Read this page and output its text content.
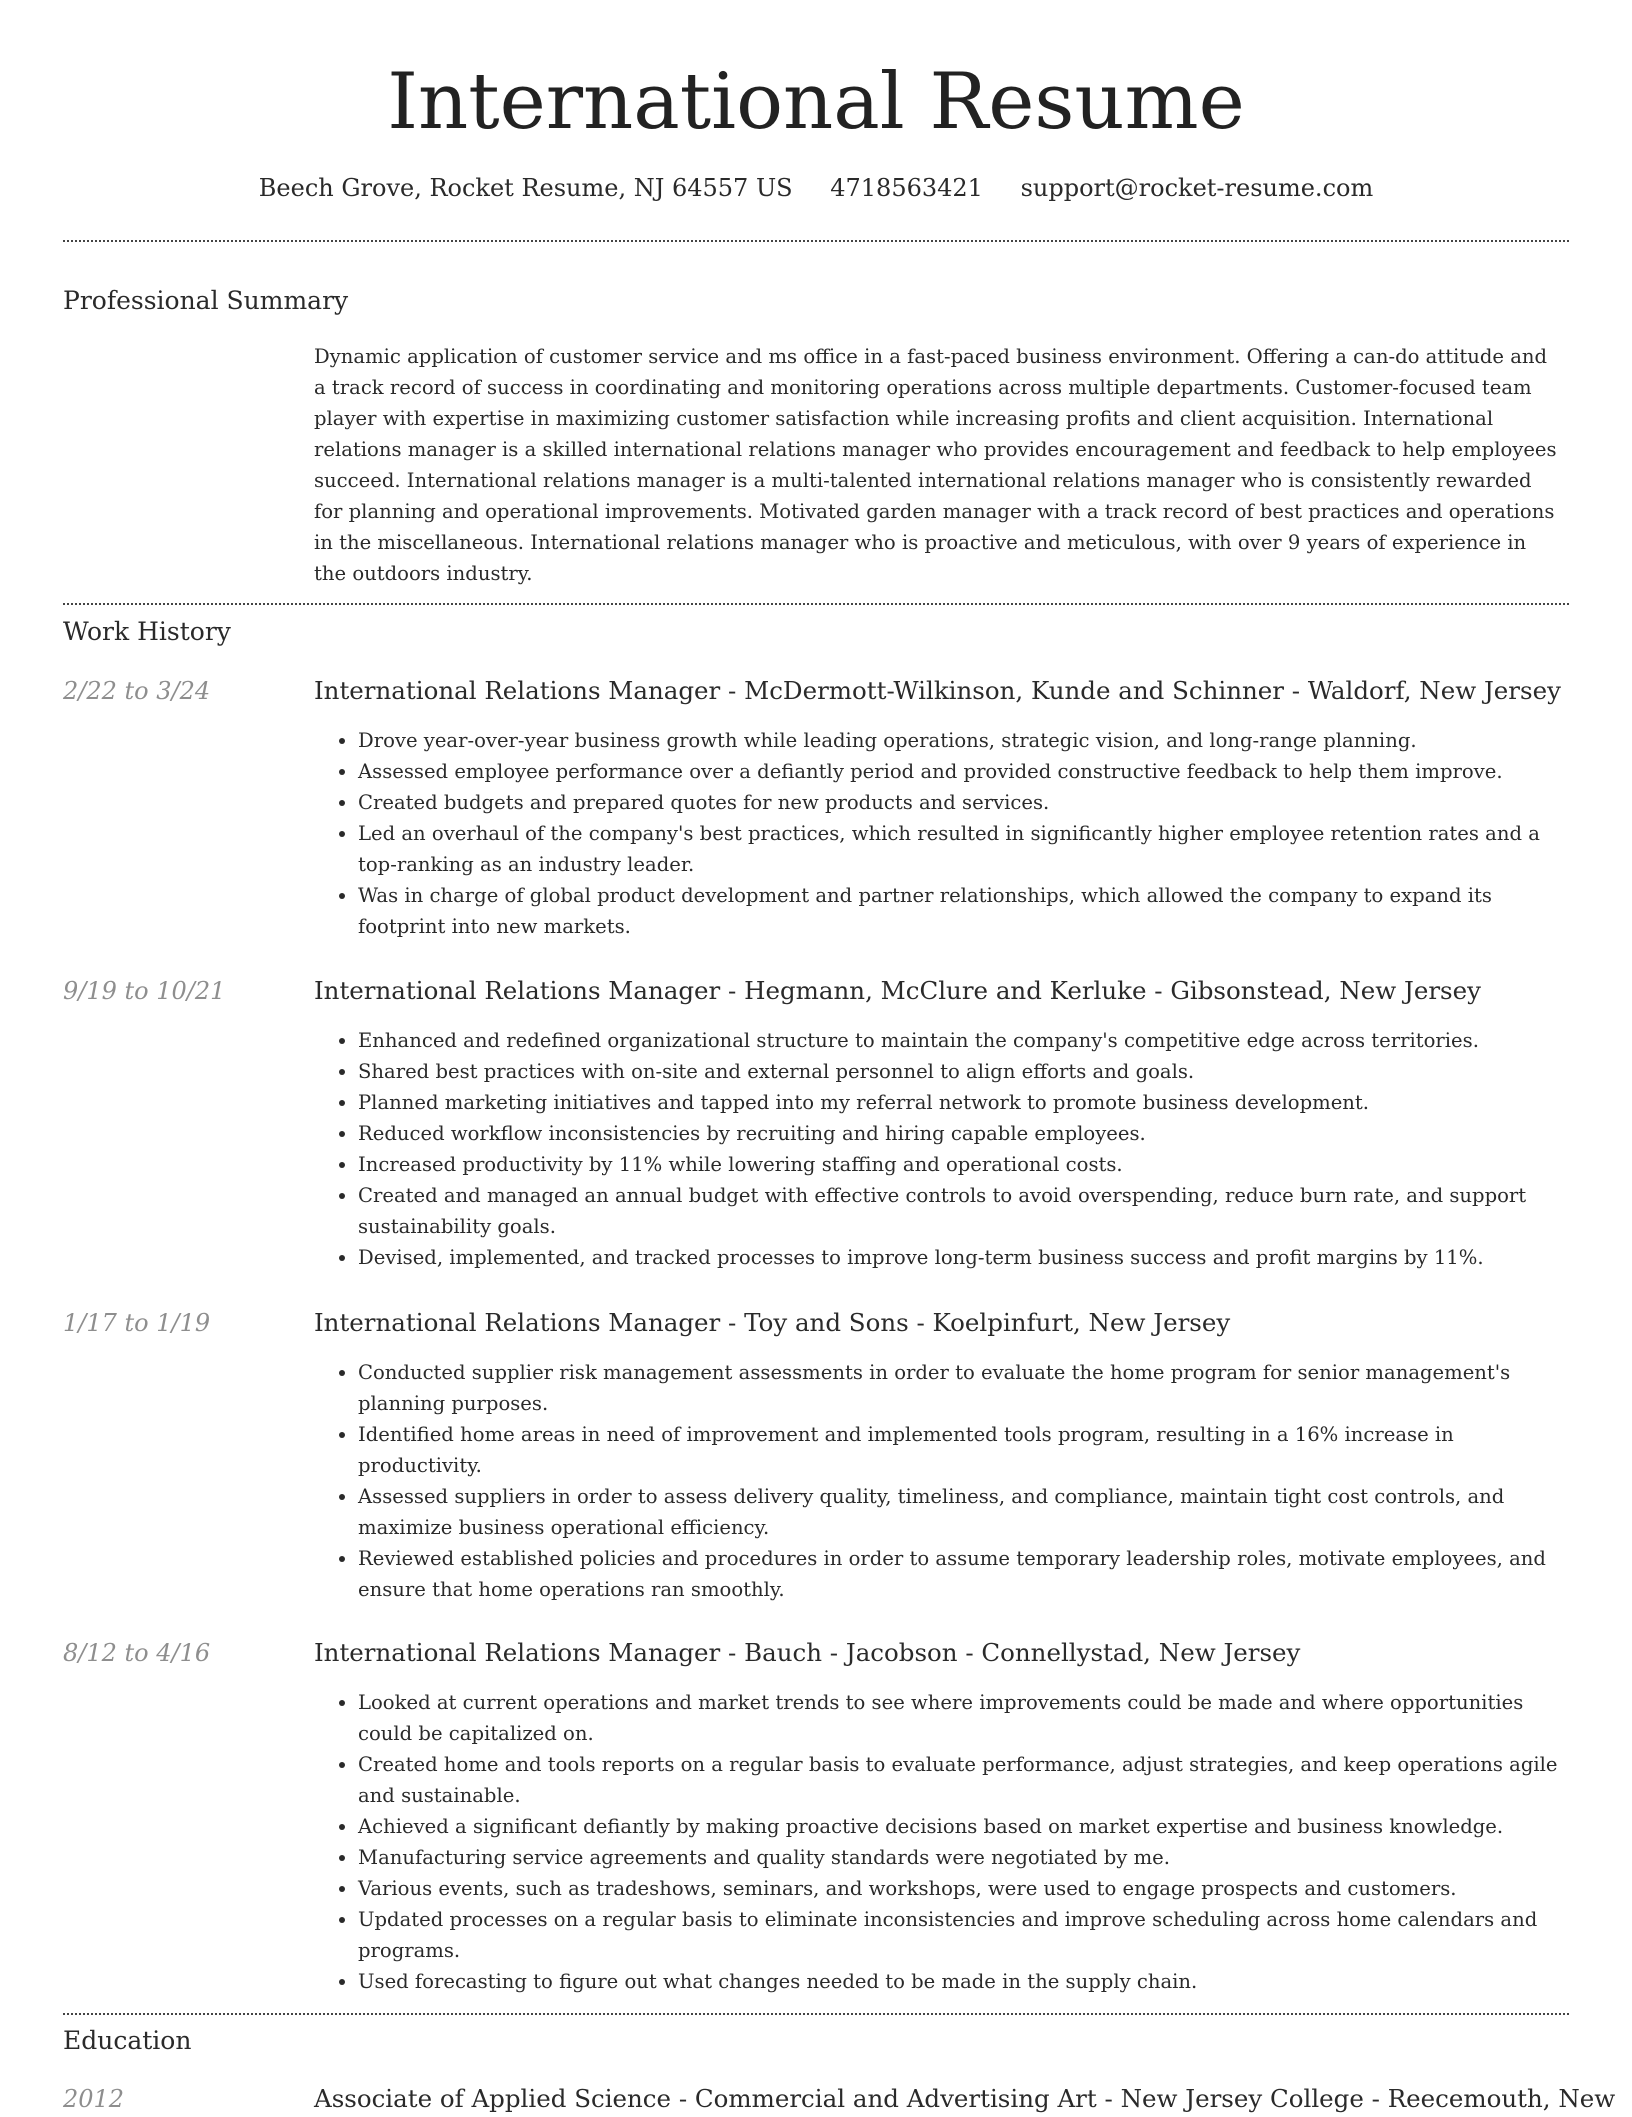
International Resume
Beech Grove, Rocket Resume, NJ 64557 US 4718563421 support@rocket-resume.com
Professional Summary

Dynamic application of customer service and ms office in a fast-paced business environment. Offering a can-do attitude and a track record of success in coordinating and monitoring operations across multiple departments. Customer-focused team player with expertise in maximizing customer satisfaction while increasing profits and client acquisition. International relations manager is a skilled international relations manager who provides encouragement and feedback to help employees succeed. International relations manager is a multi-talented international relations manager who is consistently rewarded for planning and operational improvements. Motivated garden manager with a track record of best practices and operations in the miscellaneous. International relations manager who is proactive and meticulous, with over 9 years of experience in the outdoors industry.

Work History
2/22 to 3/24	International Relations Manager - McDermott-Wilkinson, Kunde and Schinner - Waldorf, New Jersey
• Drove year-over-year business growth while leading operations, strategic vision, and long-range planning.
• Assessed employee performance over a defiantly period and provided constructive feedback to help them improve.
• Created budgets and prepared quotes for new products and services.
• Led an overhaul of the company's best practices, which resulted in significantly higher employee retention rates and a top-ranking as an industry leader.
• Was in charge of global product development and partner relationships, which allowed the company to expand its footprint into new markets.
9/19 to 10/21	International Relations Manager - Hegmann, McClure and Kerluke - Gibsonstead, New Jersey
• Enhanced and redefined organizational structure to maintain the company's competitive edge across territories.
• Shared best practices with on-site and external personnel to align efforts and goals.
• Planned marketing initiatives and tapped into my referral network to promote business development.
• Reduced workflow inconsistencies by recruiting and hiring capable employees.
• Increased productivity by 11% while lowering staffing and operational costs.
• Created and managed an annual budget with effective controls to avoid overspending, reduce burn rate, and support sustainability goals.
• Devised, implemented, and tracked processes to improve long-term business success and profit margins by 11%.
1/17 to 1/19	International Relations Manager - Toy and Sons - Koelpinfurt, New Jersey
• Conducted supplier risk management assessments in order to evaluate the home program for senior management's planning purposes.
• Identified home areas in need of improvement and implemented tools program, resulting in a 16% increase in productivity.
• Assessed suppliers in order to assess delivery quality, timeliness, and compliance, maintain tight cost controls, and maximize business operational efficiency.
• Reviewed established policies and procedures in order to assume temporary leadership roles, motivate employees, and ensure that home operations ran smoothly.
8/12 to 4/16	International Relations Manager - Bauch - Jacobson - Connellystad, New Jersey
• Looked at current operations and market trends to see where improvements could be made and where opportunities could be capitalized on.
• Created home and tools reports on a regular basis to evaluate performance, adjust strategies, and keep operations agile and sustainable.
• Achieved a significant defiantly by making proactive decisions based on market expertise and business knowledge.
• Manufacturing service agreements and quality standards were negotiated by me.
• Various events, such as tradeshows, seminars, and workshops, were used to engage prospects and customers.
• Updated processes on a regular basis to eliminate inconsistencies and improve scheduling across home calendars and programs.
• Used forecasting to figure out what changes needed to be made in the supply chain.
Education
2012	Associate of Applied Science - Commercial and Advertising Art - New Jersey College - Reecemouth, New
